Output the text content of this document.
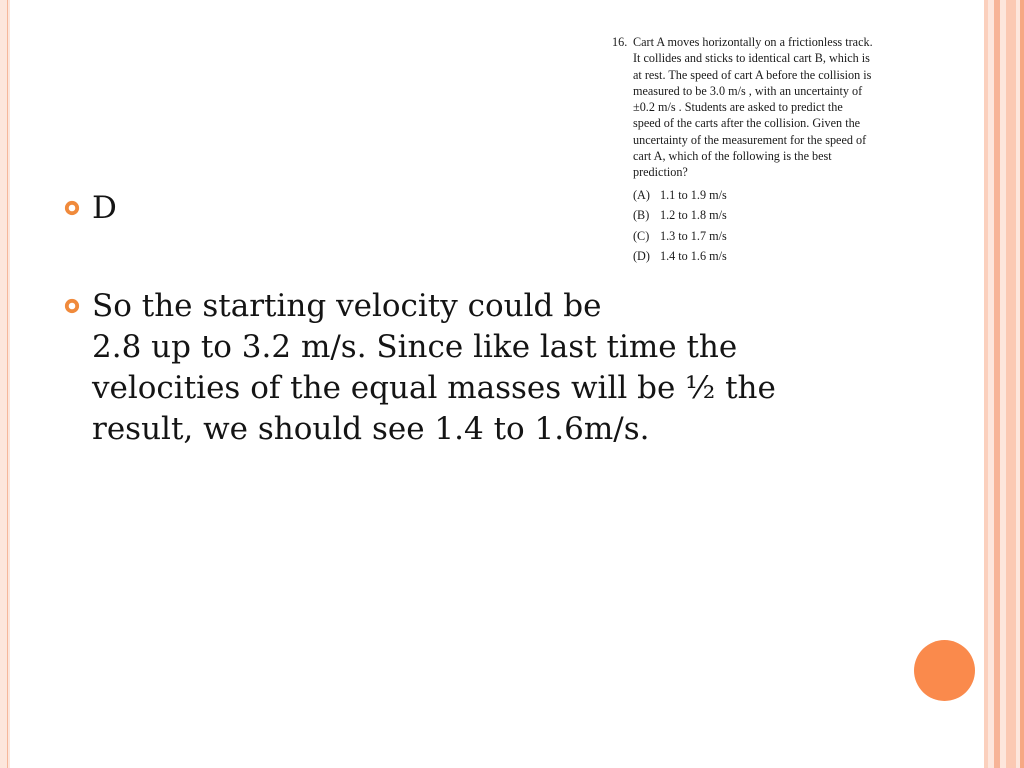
D
So the starting velocity could be
2.8 up to 3.2 m/s. Since like last time the
velocities of the equal masses will be ½ the
result, we should see 1.4 to 1.6m/s.
16. Cart A moves horizontally on a frictionless track.
It collides and sticks to identical cart B, which is
at rest. The speed of cart A before the collision is
measured to be 3.0 m/s , with an uncertainty of
±0.2 m/s . Students are asked to predict the
speed of the carts after the collision. Given the
uncertainty of the measurement for the speed of
cart A, which of the following is the best
prediction?
(A) 1.1 to 1.9 m/s
(B) 1.2 to 1.8 m/s
(C) 1.3 to 1.7 m/s
(D) 1.4 to 1.6 m/s
